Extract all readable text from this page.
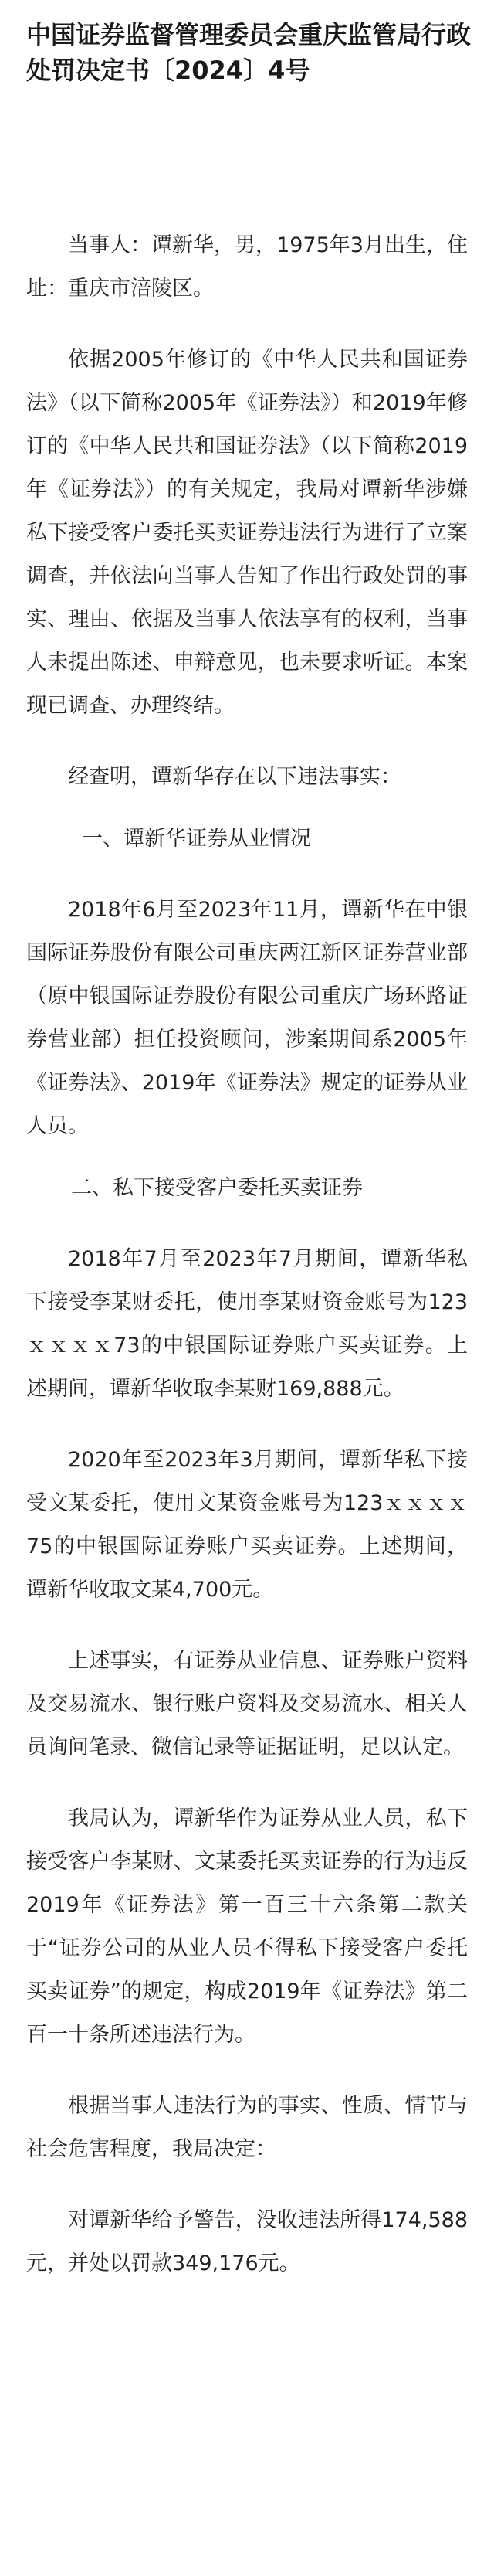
中国证券监督管理委员会重庆监管局行政处罚决定书〔2024〕4号

当事人：谭新华，男，1975年3月出生，住址：重庆市涪陵区。

依据2005年修订的《中华人民共和国证券法》（以下简称2005年《证券法》）和2019年修订的《中华人民共和国证券法》（以下简称2019年《证券法》）的有关规定，我局对谭新华涉嫌私下接受客户委托买卖证券违法行为进行了立案调查，并依法向当事人告知了作出行政处罚的事实、理由、依据及当事人依法享有的权利，当事人未提出陈述、申辩意见，也未要求听证。本案现已调查、办理终结。

经查明，谭新华存在以下违法事实：

一、谭新华证券从业情况

2018年6月至2023年11月，谭新华在中银国际证券股份有限公司重庆两江新区证券营业部（原中银国际证券股份有限公司重庆广场环路证券营业部）担任投资顾问，涉案期间系2005年《证券法》、2019年《证券法》规定的证券从业人员。

二、私下接受客户委托买卖证券

2018年7月至2023年7月期间，谭新华私下接受李某财委托，使用李某财资金账号为123ｘｘｘｘ73的中银国际证券账户买卖证券。上述期间，谭新华收取李某财169,888元。

2020年至2023年3月期间，谭新华私下接受文某委托，使用文某资金账号为123ｘｘｘｘ75的中银国际证券账户买卖证券。上述期间，谭新华收取文某4,700元。

上述事实，有证券从业信息、证券账户资料及交易流水、银行账户资料及交易流水、相关人员询问笔录、微信记录等证据证明，足以认定。

我局认为，谭新华作为证券从业人员，私下接受客户李某财、文某委托买卖证券的行为违反2019年《证券法》第一百三十六条第二款关于“证券公司的从业人员不得私下接受客户委托买卖证券”的规定，构成2019年《证券法》第二百一十条所述违法行为。

根据当事人违法行为的事实、性质、情节与社会危害程度，我局决定：

对谭新华给予警告，没收违法所得174,588元，并处以罚款349,176元。
